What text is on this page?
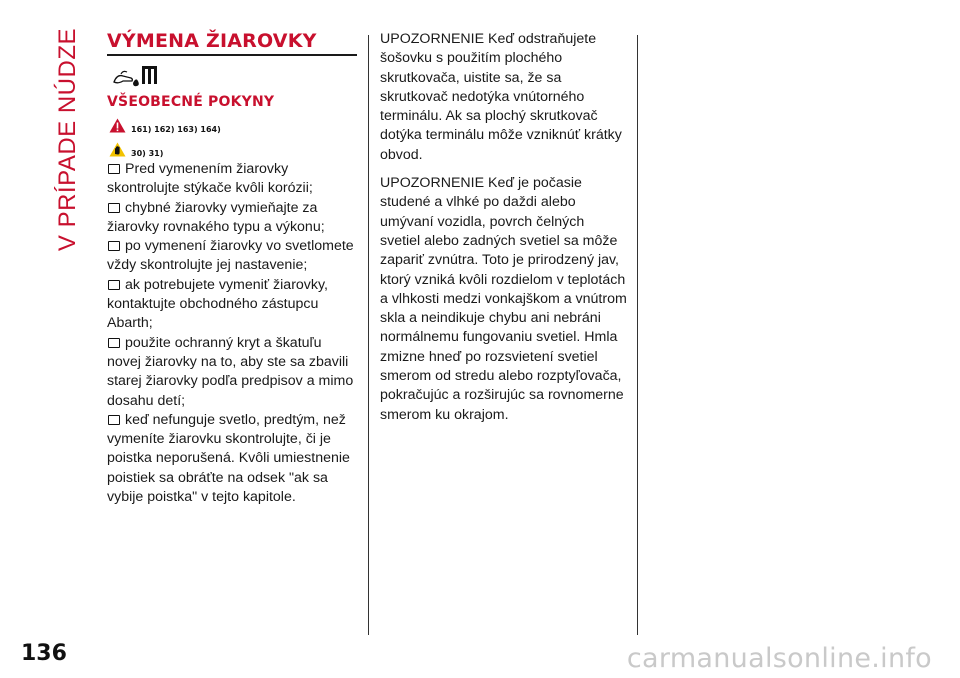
V PRÍPADE NÚDZE VÝMENA ŽIAROVKY
VŠEOBECNÉ POKYNY
161) 162) 163) 164)
30) 31)
Pred vymenením žiarovky skontrolujte stýkače kvôli korózii;
chybné žiarovky vymieňajte za žiarovky rovnakého typu a výkonu;
po vymenení žiarovky vo svetlomete vždy skontrolujte jej nastavenie;
ak potrebujete vymeniť žiarovky, kontaktujte obchodného zástupcu Abarth;
použite ochranný kryt a škatuľu novej žiarovky na to, aby ste sa zbavili starej žiarovky podľa predpisov a mimo dosahu detí;
keď nefunguje svetlo, predtým, než vymeníte žiarovku skontrolujte, či je poistka neporušená. Kvôli umiestnenie poistiek sa obráťte na odsek "ak sa vybije poistka" v tejto kapitole.

UPOZORNENIE Keď odstraňujete šošovku s použitím plochého skrutkovača, uistite sa, že sa skrutkovač nedotýka vnútorného terminálu. Ak sa plochý skrutkovač dotýka terminálu môže vzniknúť krátky obvod.

UPOZORNENIE Keď je počasie studené a vlhké po daždi alebo umývaní vozidla, povrch čelných svetiel alebo zadných svetiel sa môže zapariť zvnútra. Toto je prirodzený jav, ktorý vzniká kvôli rozdielom v teplotách a vlhkosti medzi vonkajškom a vnútrom skla a neindikuje chybu ani nebráni normálnemu fungovaniu svetiel. Hmla zmizne hneď po rozsvietení svetiel smerom od stredu alebo rozptyľovača, pokračujúc a rozširujúc sa rovnomerne smerom ku okrajom.

136	carmanualsonline.info
